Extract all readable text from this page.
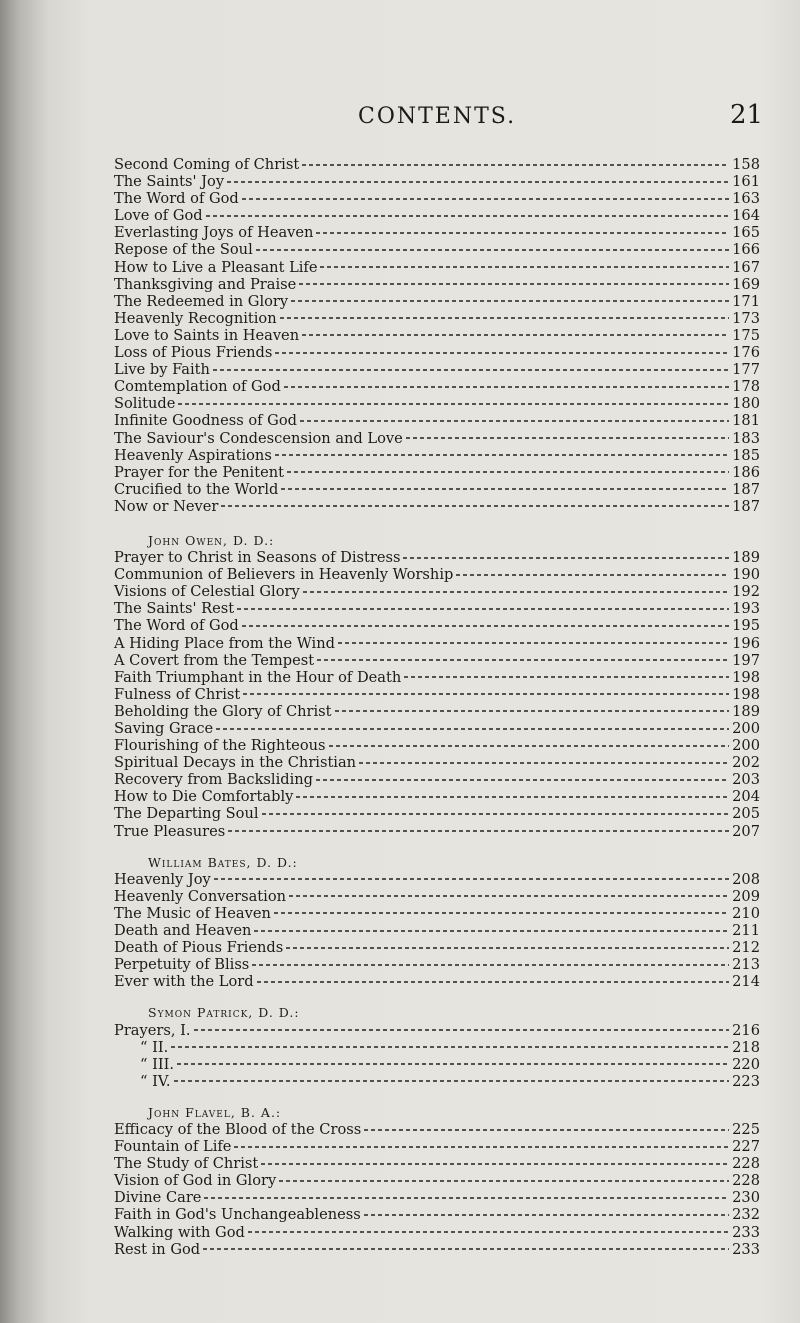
CONTENTS.	21
Second Coming of Christ	158
The Saints' Joy	161
The Word of God	163
Love of God	164
Everlasting Joys of Heaven	165
Repose of the Soul	166
How to Live a Pleasant Life	167
Thanksgiving and Praise	169
The Redeemed in Glory	171
Heavenly Recognition	173
Love to Saints in Heaven	175
Loss of Pious Friends	176
Live by Faith	177
Comtemplation of God	178
Solitude	180
Infinite Goodness of God	181
The Saviour's Condescension and Love	183
Heavenly Aspirations	185
Prayer for the Penitent	186
Crucified to the World	187
Now or Never	187
John Owen, D. D.:
Prayer to Christ in Seasons of Distress	189
Communion of Believers in Heavenly Worship	190
Visions of Celestial Glory	192
The Saints' Rest	193
The Word of God	195
A Hiding Place from the Wind	196
A Covert from the Tempest	197
Faith Triumphant in the Hour of Death	198
Fulness of Christ	198
Beholding the Glory of Christ	189
Saving Grace	200
Flourishing of the Righteous	200
Spiritual Decays in the Christian	202
Recovery from Backsliding	203
How to Die Comfortably	204
The Departing Soul	205
True Pleasures	207
William Bates, D. D.:
Heavenly Joy	208
Heavenly Conversation	209
The Music of Heaven	210
Death and Heaven	211
Death of Pious Friends	212
Perpetuity of Bliss	213
Ever with the Lord	214
Symon Patrick, D. D.:
Prayers, I.	216
“ II.	218
“ III.	220
“ IV.	223
John Flavel, B. A.:
Efficacy of the Blood of the Cross	225
Fountain of Life	227
The Study of Christ	228
Vision of God in Glory	228
Divine Care	230
Faith in God's Unchangeableness	232
Walking with God	233
Rest in God	233
